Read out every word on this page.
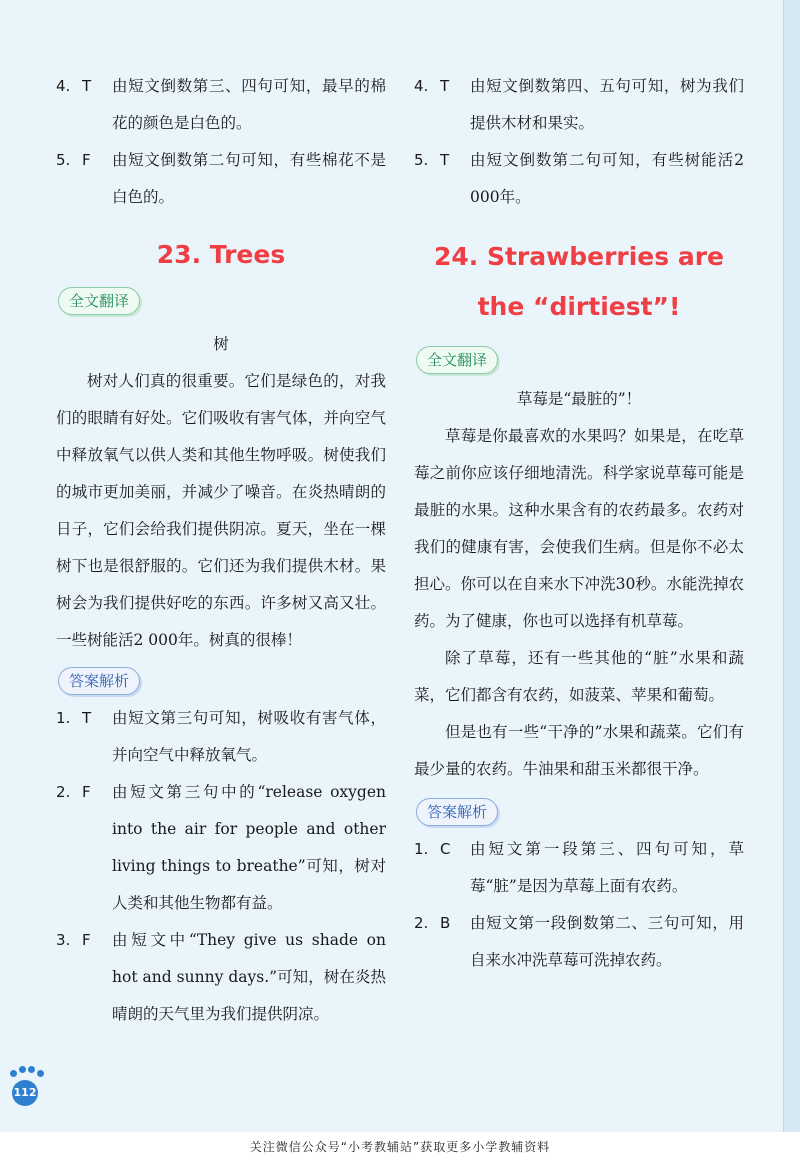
4. T	由短文倒数第三、四句可知，最早的棉花的颜色是白色的。
5. F	由短文倒数第二句可知，有些棉花不是白色的。
23. Trees
全文翻译
树

树对人们真的很重要。它们是绿色的，对我们的眼睛有好处。它们吸收有害气体，并向空气中释放氧气以供人类和其他生物呼吸。树使我们的城市更加美丽，并减少了噪音。在炎热晴朗的日子，它们会给我们提供阴凉。夏天，坐在一棵树下也是很舒服的。它们还为我们提供木材。果树会为我们提供好吃的东西。许多树又高又壮。一些树能活2 000年。树真的很棒！

答案解析
1. T	由短文第三句可知，树吸收有害气体，并向空气中释放氧气。
2. F	由短文第三句中的“release oxygen into the air for people and other living things to breathe”可知，树对人类和其他生物都有益。
3. F	由短文中“They give us shade on hot and sunny days.”可知，树在炎热晴朗的天气里为我们提供阴凉。
4. T	由短文倒数第四、五句可知，树为我们提供木材和果实。
5. T	由短文倒数第二句可知，有些树能活2 000年。
24. Strawberries are
the “dirtiest”!
全文翻译
草莓是“最脏的”！

草莓是你最喜欢的水果吗？如果是，在吃草莓之前你应该仔细地清洗。科学家说草莓可能是最脏的水果。这种水果含有的农药最多。农药对我们的健康有害，会使我们生病。但是你不必太担心。你可以在自来水下冲洗30秒。水能洗掉农药。为了健康，你也可以选择有机草莓。

除了草莓，还有一些其他的“脏”水果和蔬菜，它们都含有农药，如菠菜、苹果和葡萄。

但是也有一些“干净的”水果和蔬菜。它们有最少量的农药。牛油果和甜玉米都很干净。

答案解析
1. C	由短文第一段第三、四句可知，草莓“脏”是因为草莓上面有农药。
2. B	由短文第一段倒数第二、三句可知，用自来水冲洗草莓可洗掉农药。
112
关注微信公众号“小考教辅站”获取更多小学教辅资料
